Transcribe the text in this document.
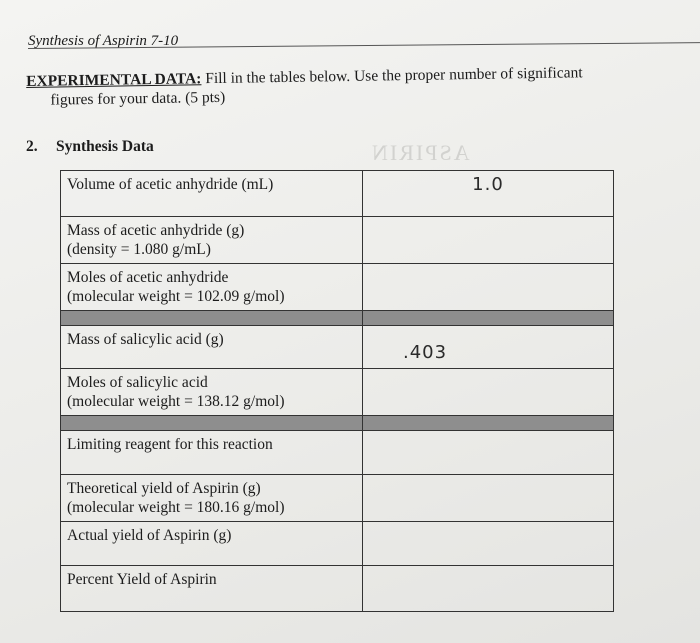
ASPIRIN
Synthesis of Aspirin 7-10
EXPERIMENTAL DATA: Fill in the tables below. Use the proper number of significant
figures for your data. (5 pts)
2. Synthesis Data
Volume of acetic anhydride (mL)	1.0

Mass of acetic anhydride (g)
(density = 1.080 g/mL)	

Moles of acetic anhydride
(molecular weight = 102.09 g/mol)	

Mass of salicylic acid (g)	.403

Moles of salicylic acid
(molecular weight = 138.12 g/mol)	

Limiting reagent for this reaction	

Theoretical yield of Aspirin (g)
(molecular weight = 180.16 g/mol)	

Actual yield of Aspirin (g)	

Percent Yield of Aspirin	
